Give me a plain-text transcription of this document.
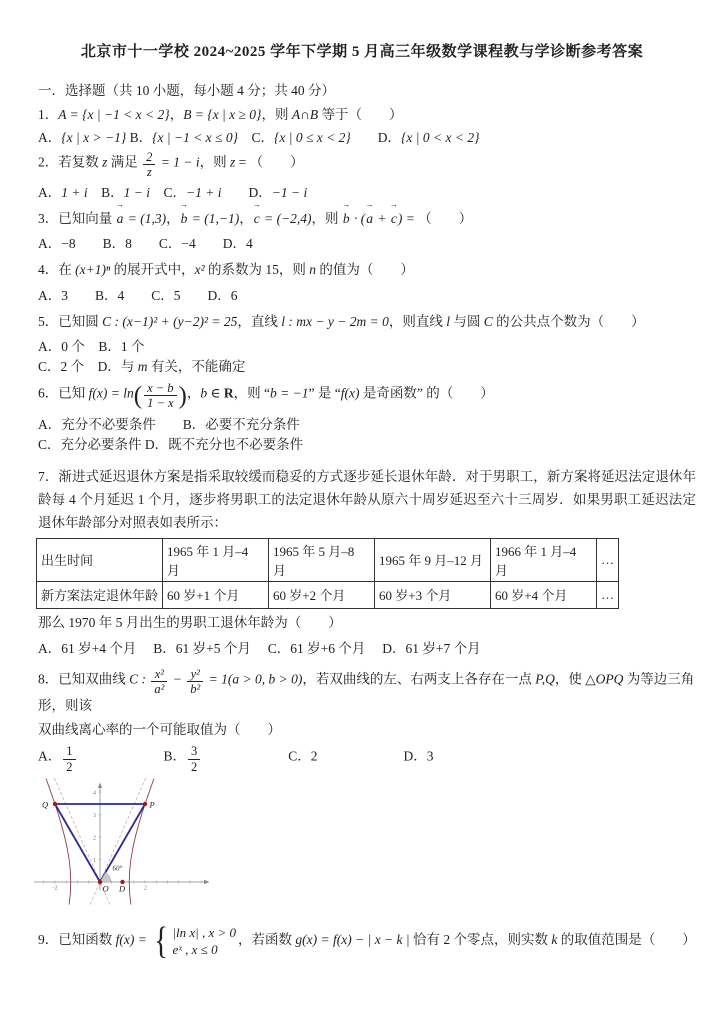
北京市十一学校 2024~2025 学年下学期 5 月高三年级数学课程教与学诊断参考答案
一．选择题（共 10 小题，每小题 4 分；共 40 分）
1．A = {x | −1 < x < 2}，B = {x | x ≥ 0}，则 A∩B 等于（　　）
A．{x | x > −1} B．{x | −1 < x ≤ 0}　C．{x | 0 ≤ x < 2}　　D．{x | 0 < x < 2}
2．若复数 z 满足 $\frac{2}{z} = 1 - i$，则 z = （　　）
A．1 + i　B．1 − i　C．−1 + i　　D．−1 − i
3．已知向量
→
a = (1,3)，
→
b = (1,−1)，
→
c = (−2,4)，则
→
b · (
→
a +
→
c) = （　　）
A．−8　　B．8　　C．−4　　D．4
4．在 (x+1)ⁿ 的展开式中，x² 的系数为 15，则 n 的值为（　　）
A．3　　B．4　　C．5　　D．6
5．已知圆 C : (x−1)² + (y−2)² = 25，直线 l : mx − y − 2m = 0，则直线 l 与圆 C 的公共点个数为（　　）
A．0 个　B．1 个
C．2 个　D．与 m 有关，不能确定
6．已知 $f(x) = \ln( \frac{x - b}{1 - x}$ )，b ∈ R，则 “b = −1” 是 “f(x) 是奇函数” 的（　　）
A．充分不必要条件　　B．必要不充分条件
C．充分必要条件 D．既不充分也不必要条件
7．渐进式延迟退休方案是指采取较缓而稳妥的方式逐步延长退休年龄．对于男职工，新方案将延迟法定退休年龄每 4 个月延迟 1 个月，逐步将男职工的法定退休年龄从原六十周岁延迟至六十三周岁．如果男职工延迟法定退休年龄部分对照表如表所示：
出生时间	1965 年 1 月–4 月	1965 年 5 月–8 月	1965 年 9 月–12 月	1966 年 1 月–4 月	…
新方案法定退休年龄	60 岁+1 个月	60 岁+2 个月	60 岁+3 个月	60 岁+4 个月	…
那么 1970 年 5 月出生的男职工退休年龄为（　　）
A．61 岁+4 个月　 B．61 岁+5 个月　 C．61 岁+6 个月　 D．61 岁+7 个月
8．已知双曲线 C : $\frac{\text{x²}}{\text{a²}} - \frac{\text{y²}}{\text{b²}} = 1(a > 0$, b > 0)，若双曲线的左、右两支上各存在一点 P,Q，使 △OPQ 为等边三角形，则该
双曲线离心率的一个可能取值为（　　）
A． $\frac{1}{2}$	B． $\frac{3}{2}$	C．2	D．3
1
2
3
4
-2	2
60°
Q	P
O D
9．已知函数 f(x) = { |ln x| , x > 0
eˣ , x ≤ 0
，若函数 g(x) = f(x) − | x − k | 恰有 2 个零点，则实数 k 的取值范围是（　　）
